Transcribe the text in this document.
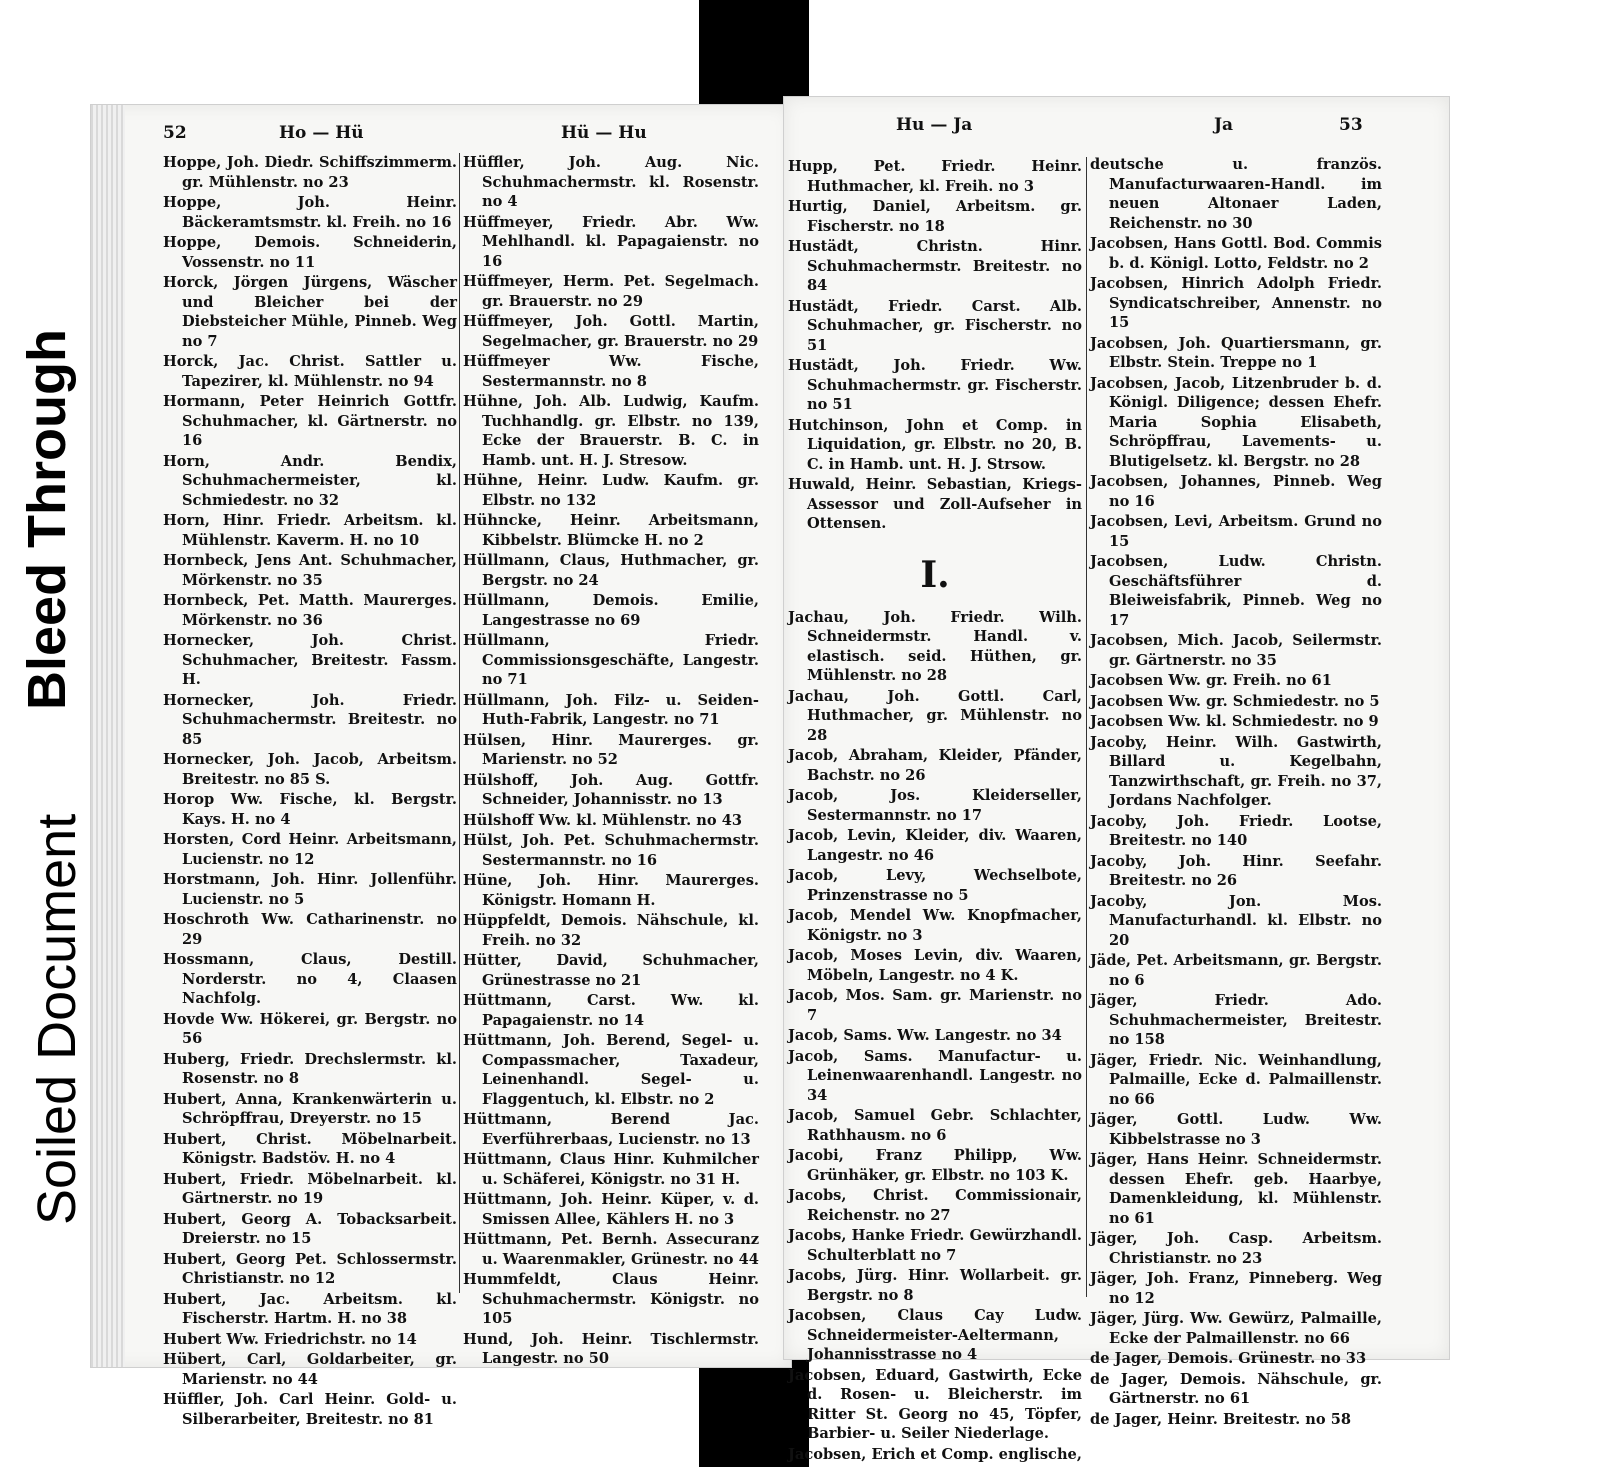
Bleed Through
Soiled Document
52	Ho — Hü	Hü — Hu
Hoppe, Joh. Diedr. Schiffszimmerm. gr. Mühlenstr. no 23
Hoppe, Joh. Heinr. Bäckeramtsmstr. kl. Freih. no 16
Hoppe, Demois. Schneiderin, Vossenstr. no 11
Horck, Jörgen Jürgens, Wäscher und Bleicher bei der Diebsteicher Mühle, Pinneb. Weg no 7
Horck, Jac. Christ. Sattler u. Tapezirer, kl. Mühlenstr. no 94
Hormann, Peter Heinrich Gottfr. Schuhmacher, kl. Gärtnerstr. no 16
Horn, Andr. Bendix, Schuhmachermeister, kl. Schmiedestr. no 32
Horn, Hinr. Friedr. Arbeitsm. kl. Mühlenstr. Kaverm. H. no 10
Hornbeck, Jens Ant. Schuhmacher, Mörkenstr. no 35
Hornbeck, Pet. Matth. Maurerges. Mörkenstr. no 36
Hornecker, Joh. Christ. Schuhmacher, Breitestr. Fassm. H.
Hornecker, Joh. Friedr. Schuhmachermstr. Breitestr. no 85
Hornecker, Joh. Jacob, Arbeitsm. Breitestr. no 85 S.
Horop Ww. Fische, kl. Bergstr. Kays. H. no 4
Horsten, Cord Heinr. Arbeitsmann, Lucienstr. no 12
Horstmann, Joh. Hinr. Jollenführ. Lucienstr. no 5
Hoschroth Ww. Catharinenstr. no 29
Hossmann, Claus, Destill. Norderstr. no 4, Claasen Nachfolg.
Hovde Ww. Hökerei, gr. Bergstr. no 56
Huberg, Friedr. Drechslermstr. kl. Rosenstr. no 8
Hubert, Anna, Krankenwärterin u. Schröpffrau, Dreyerstr. no 15
Hubert, Christ. Möbelnarbeit. Königstr. Badstöv. H. no 4
Hubert, Friedr. Möbelnarbeit. kl. Gärtnerstr. no 19
Hubert, Georg A. Tobacksarbeit. Dreierstr. no 15
Hubert, Georg Pet. Schlossermstr. Christianstr. no 12
Hubert, Jac. Arbeitsm. kl. Fischerstr. Hartm. H. no 38
Hubert Ww. Friedrichstr. no 14
Hübert, Carl, Goldarbeiter, gr. Marienstr. no 44
Hüffler, Joh. Carl Heinr. Gold- u. Silberarbeiter, Breitestr. no 81
Hüffler, Joh. Aug. Nic. Schuhmachermstr. kl. Rosenstr. no 4
Hüffmeyer, Friedr. Abr. Ww. Mehlhandl. kl. Papagaienstr. no 16
Hüffmeyer, Herm. Pet. Segelmach. gr. Brauerstr. no 29
Hüffmeyer, Joh. Gottl. Martin, Segelmacher, gr. Brauerstr. no 29
Hüffmeyer Ww. Fische, Sestermannstr. no 8
Hühne, Joh. Alb. Ludwig, Kaufm. Tuchhandlg. gr. Elbstr. no 139, Ecke der Brauerstr. B. C. in Hamb. unt. H. J. Stresow.
Hühne, Heinr. Ludw. Kaufm. gr. Elbstr. no 132
Hühncke, Heinr. Arbeitsmann, Kibbelstr. Blümcke H. no 2
Hüllmann, Claus, Huthmacher, gr. Bergstr. no 24
Hüllmann, Demois. Emilie, Langestrasse no 69
Hüllmann, Friedr. Commissionsgeschäfte, Langestr. no 71
Hüllmann, Joh. Filz- u. Seiden-Huth-Fabrik, Langestr. no 71
Hülsen, Hinr. Maurerges. gr. Marienstr. no 52
Hülshoff, Joh. Aug. Gottfr. Schneider, Johannisstr. no 13
Hülshoff Ww. kl. Mühlenstr. no 43
Hülst, Joh. Pet. Schuhmachermstr. Sestermannstr. no 16
Hüne, Joh. Hinr. Maurerges. Königstr. Homann H.
Hüppfeldt, Demois. Nähschule, kl. Freih. no 32
Hütter, David, Schuhmacher, Grünestrasse no 21
Hüttmann, Carst. Ww. kl. Papagaienstr. no 14
Hüttmann, Joh. Berend, Segel- u. Compassmacher, Taxadeur, Leinenhandl. Segel- u. Flaggentuch, kl. Elbstr. no 2
Hüttmann, Berend Jac. Everführerbaas, Lucienstr. no 13
Hüttmann, Claus Hinr. Kuhmilcher u. Schäferei, Königstr. no 31 H.
Hüttmann, Joh. Heinr. Küper, v. d. Smissen Allee, Kählers H. no 3
Hüttmann, Pet. Bernh. Assecuranz u. Waarenmakler, Grünestr. no 44
Hummfeldt, Claus Heinr. Schuhmachermstr. Königstr. no 105
Hund, Joh. Heinr. Tischlermstr. Langestr. no 50
Hu — Ja	Ja	53
Hupp, Pet. Friedr. Heinr. Huthmacher, kl. Freih. no 3
Hurtig, Daniel, Arbeitsm. gr. Fischerstr. no 18
Hustädt, Christn. Hinr. Schuhmachermstr. Breitestr. no 84
Hustädt, Friedr. Carst. Alb. Schuhmacher, gr. Fischerstr. no 51
Hustädt, Joh. Friedr. Ww. Schuhmachermstr. gr. Fischerstr. no 51
Hutchinson, John et Comp. in Liquidation, gr. Elbstr. no 20, B. C. in Hamb. unt. H. J. Strsow.
Huwald, Heinr. Sebastian, Kriegs-Assessor und Zoll-Aufseher in Ottensen.
I.
Jachau, Joh. Friedr. Wilh. Schneidermstr. Handl. v. elastisch. seid. Hüthen, gr. Mühlenstr. no 28
Jachau, Joh. Gottl. Carl, Huthmacher, gr. Mühlenstr. no 28
Jacob, Abraham, Kleider, Pfänder, Bachstr. no 26
Jacob, Jos. Kleiderseller, Sestermannstr. no 17
Jacob, Levin, Kleider, div. Waaren, Langestr. no 46
Jacob, Levy, Wechselbote, Prinzenstrasse no 5
Jacob, Mendel Ww. Knopfmacher, Königstr. no 3
Jacob, Moses Levin, div. Waaren, Möbeln, Langestr. no 4 K.
Jacob, Mos. Sam. gr. Marienstr. no 7
Jacob, Sams. Ww. Langestr. no 34
Jacob, Sams. Manufactur- u. Leinenwaarenhandl. Langestr. no 34
Jacob, Samuel Gebr. Schlachter, Rathhausm. no 6
Jacobi, Franz Philipp, Ww. Grünhäker, gr. Elbstr. no 103 K.
Jacobs, Christ. Commissionair, Reichenstr. no 27
Jacobs, Hanke Friedr. Gewürzhandl. Schulterblatt no 7
Jacobs, Jürg. Hinr. Wollarbeit. gr. Bergstr. no 8
Jacobsen, Claus Cay Ludw. Schneidermeister-Aeltermann, Johannisstrasse no 4
Jacobsen, Eduard, Gastwirth, Ecke d. Rosen- u. Bleicherstr. im Ritter St. Georg no 45, Töpfer, Barbier- u. Seiler Niederlage.
Jacobsen, Erich et Comp. englische,
deutsche u. französ. Manufacturwaaren-Handl. im neuen Altonaer Laden, Reichenstr. no 30
Jacobsen, Hans Gottl. Bod. Commis b. d. Königl. Lotto, Feldstr. no 2
Jacobsen, Hinrich Adolph Friedr. Syndicatschreiber, Annenstr. no 15
Jacobsen, Joh. Quartiersmann, gr. Elbstr. Stein. Treppe no 1
Jacobsen, Jacob, Litzenbruder b. d. Königl. Diligence; dessen Ehefr. Maria Sophia Elisabeth, Schröpffrau, Lavements- u. Blutigelsetz. kl. Bergstr. no 28
Jacobsen, Johannes, Pinneb. Weg no 16
Jacobsen, Levi, Arbeitsm. Grund no 15
Jacobsen, Ludw. Christn. Geschäftsführer d. Bleiweisfabrik, Pinneb. Weg no 17
Jacobsen, Mich. Jacob, Seilermstr. gr. Gärtnerstr. no 35
Jacobsen Ww. gr. Freih. no 61
Jacobsen Ww. gr. Schmiedestr. no 5
Jacobsen Ww. kl. Schmiedestr. no 9
Jacoby, Heinr. Wilh. Gastwirth, Billard u. Kegelbahn, Tanzwirthschaft, gr. Freih. no 37, Jordans Nachfolger.
Jacoby, Joh. Friedr. Lootse, Breitestr. no 140
Jacoby, Joh. Hinr. Seefahr. Breitestr. no 26
Jacoby, Jon. Mos. Manufacturhandl. kl. Elbstr. no 20
Jäde, Pet. Arbeitsmann, gr. Bergstr. no 6
Jäger, Friedr. Ado. Schuhmachermeister, Breitestr. no 158
Jäger, Friedr. Nic. Weinhandlung, Palmaille, Ecke d. Palmaillenstr. no 66
Jäger, Gottl. Ludw. Ww. Kibbelstrasse no 3
Jäger, Hans Heinr. Schneidermstr. dessen Ehefr. geb. Haarbye, Damenkleidung, kl. Mühlenstr. no 61
Jäger, Joh. Casp. Arbeitsm. Christianstr. no 23
Jäger, Joh. Franz, Pinneberg. Weg no 12
Jäger, Jürg. Ww. Gewürz, Palmaille, Ecke der Palmaillenstr. no 66
de Jager, Demois. Grünestr. no 33
de Jager, Demois. Nähschule, gr. Gärtnerstr. no 61
de Jager, Heinr. Breitestr. no 58
